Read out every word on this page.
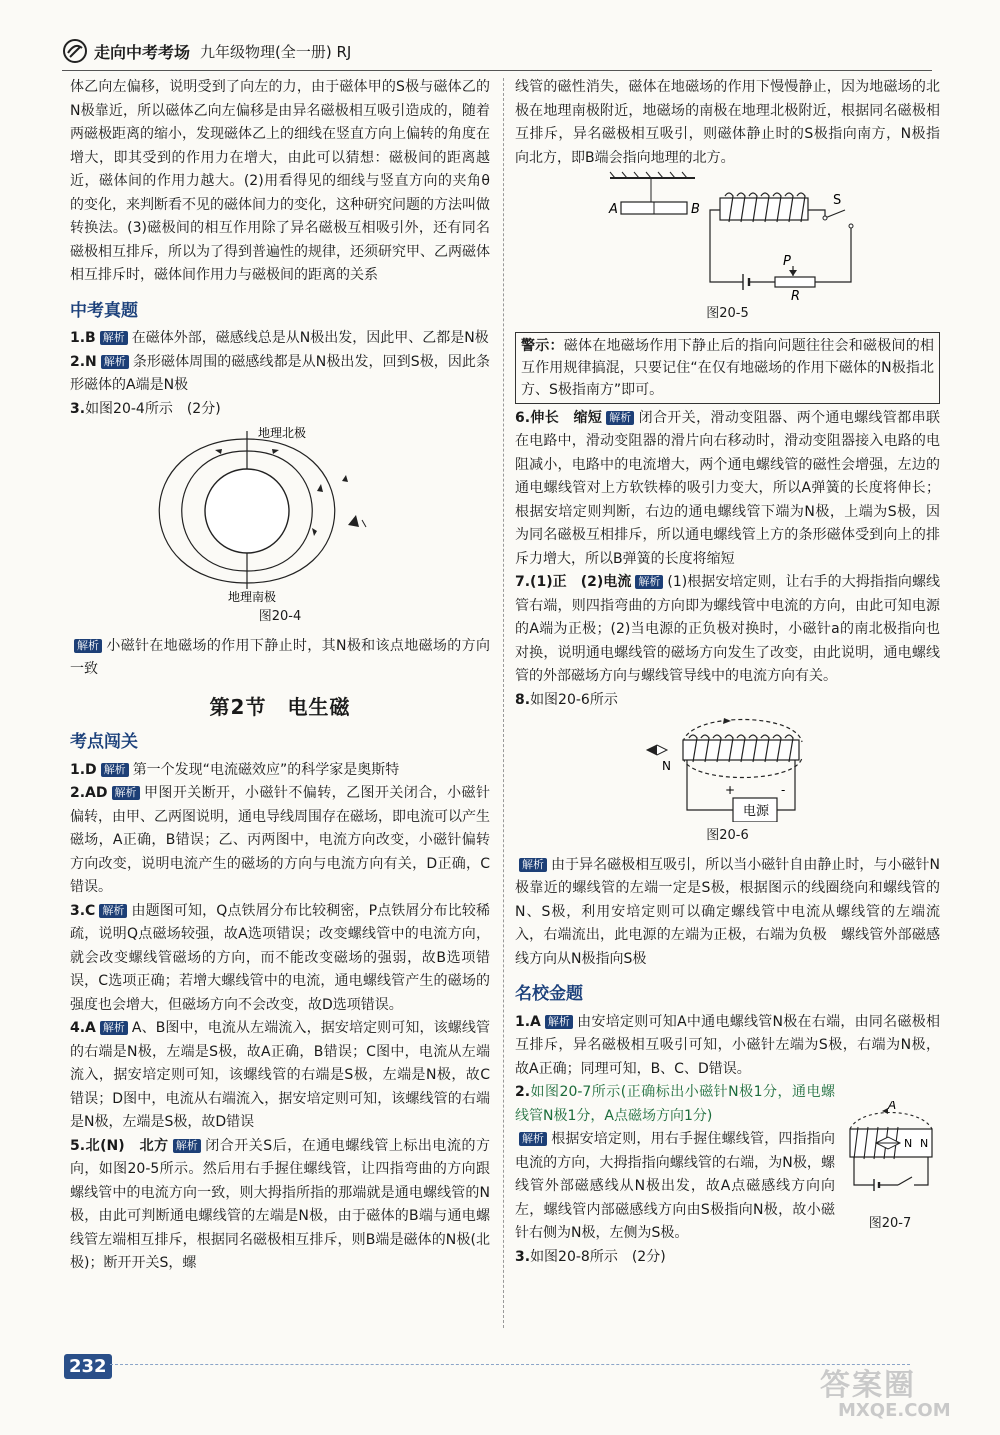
走向中考考场 九年级物理(全一册) RJ

体乙向左偏移，说明受到了向左的力，由于磁体甲的S极与磁体乙的N极靠近，所以磁体乙向左偏移是由异名磁极相互吸引造成的，随着两磁极距离的缩小，发现磁体乙上的细线在竖直方向上偏转的角度在增大，即其受到的作用力在增大，由此可以猜想：磁极间的距离越近，磁体间的作用力越大。(2)用看得见的细线与竖直方向的夹角θ的变化，来判断看不见的磁体间力的变化，这种研究问题的方法叫做转换法。(3)磁极间的相互作用除了异名磁极互相吸引外，还有同名磁极相互排斥，所以为了得到普遍性的规律，还须研究甲、乙两磁体相互排斥时，磁体间作用力与磁极间的距离的关系

中考真题

1.B 解析 在磁体外部，磁感线总是从N极出发，因此甲、乙都是N极

2.N 解析 条形磁体周围的磁感线都是从N极出发，回到S极，因此条形磁体的A端是N极

3.如图20-4所示　(2分)

地理北极
地理南极
图20-4

解析 小磁针在地磁场的作用下静止时，其N极和该点地磁场的方向一致

第2节　电生磁
考点闯关

1.D 解析 第一个发现“电流磁效应”的科学家是奥斯特

2.AD 解析 甲图开关断开，小磁针不偏转，乙图开关闭合，小磁针偏转，由甲、乙两图说明，通电导线周围存在磁场，即电流可以产生磁场，A正确，B错误；乙、丙两图中，电流方向改变，小磁针偏转方向改变，说明电流产生的磁场的方向与电流方向有关，D正确，C错误。

3.C 解析 由题图可知，Q点铁屑分布比较稠密，P点铁屑分布比较稀疏，说明Q点磁场较强，故A选项错误；改变螺线管中的电流方向，就会改变螺线管磁场的方向，而不能改变磁场的强弱，故B选项错误，C选项正确；若增大螺线管中的电流，通电螺线管产生的磁场的强度也会增大，但磁场方向不会改变，故D选项错误。

4.A 解析 A、B图中，电流从左端流入，据安培定则可知，该螺线管的右端是N极，左端是S极，故A正确，B错误；C图中，电流从左端流入，据安培定则可知，该螺线管的右端是S极，左端是N极，故C错误；D图中，电流从右端流入，据安培定则可知，该螺线管的右端是N极，左端是S极，故D错误

5.北(N)　北方 解析 闭合开关S后，在通电螺线管上标出电流的方向，如图20-5所示。然后用右手握住螺线管，让四指弯曲的方向跟螺线管中的电流方向一致，则大拇指所指的那端就是通电螺线管的N极，由此可判断通电螺线管的左端是N极，由于磁体的B端与通电螺线管左端相互排斥，根据同名磁极相互排斥，则B端是磁体的N极(北极)；断开开关S，螺

线管的磁性消失，磁体在地磁场的作用下慢慢静止，因为地磁场的北极在地理南极附近，地磁场的南极在地理北极附近，根据同名磁极相互排斥，异名磁极相互吸引，则磁体静止时的S极指向南方，N极指向北方，即B端会指向地理的北方。

A	B
S
P
R
图20-5
警示：磁体在地磁场作用下静止后的指向问题往往会和磁极间的相互作用规律搞混，只要记住“在仅有地磁场的作用下磁体的N极指北方、S极指南方”即可。

6.伸长　缩短 解析 闭合开关，滑动变阻器、两个通电螺线管都串联在电路中，滑动变阻器的滑片向右移动时，滑动变阻器接入电路的电阻减小，电路中的电流增大，两个通电螺线管的磁性会增强，左边的通电螺线管对上方软铁棒的吸引力变大，所以A弹簧的长度将伸长；根据安培定则判断，右边的通电螺线管下端为N极，上端为S极，因为同名磁极互相排斥，所以通电螺线管上方的条形磁体受到向上的排斥力增大，所以B弹簧的长度将缩短

7.(1)正　(2)电流 解析 (1)根据安培定则，让右手的大拇指指向螺线管右端，则四指弯曲的方向即为螺线管中电流的方向，由此可知电源的A端为正极；(2)当电源的正负极对换时，小磁针a的南北极指向也对换，说明通电螺线管的磁场方向发生了改变，由此说明，通电螺线管的外部磁场方向与螺线管导线中的电流方向有关。

8.如图20-6所示

N
电源
+	-
图20-6

解析 由于异名磁极相互吸引，所以当小磁针自由静止时，与小磁针N极靠近的螺线管的左端一定是S极，根据图示的线圈绕向和螺线管的N、S极，利用安培定则可以确定螺线管中电流从螺线管的左端流入，右端流出，此电源的左端为正极，右端为负极　螺线管外部磁感线方向从N极指向S极

名校金题

1.A 解析 由安培定则可知A中通电螺线管N极在右端，由同名磁极相互排斥，异名磁极相互吸引可知，小磁针左端为S极，右端为N极，故A正确；同理可知，B、C、D错误。

2.如图20-7所示(正确标出小磁针N极1分，通电螺线管N极1分，A点磁场方向1分)

解析 根据安培定则，用右手握住螺线管，四指指向电流的方向，大拇指指向螺线管的右端，为N极，螺线管外部磁感线从N极出发，故A点磁感线方向向左，螺线管内部磁感线方向由S极指向N极，故小磁针右侧为N极，左侧为S极。

A
N N
图20-7

3.如图20-8所示　(2分)

232
答案圈
MXQE.COM
